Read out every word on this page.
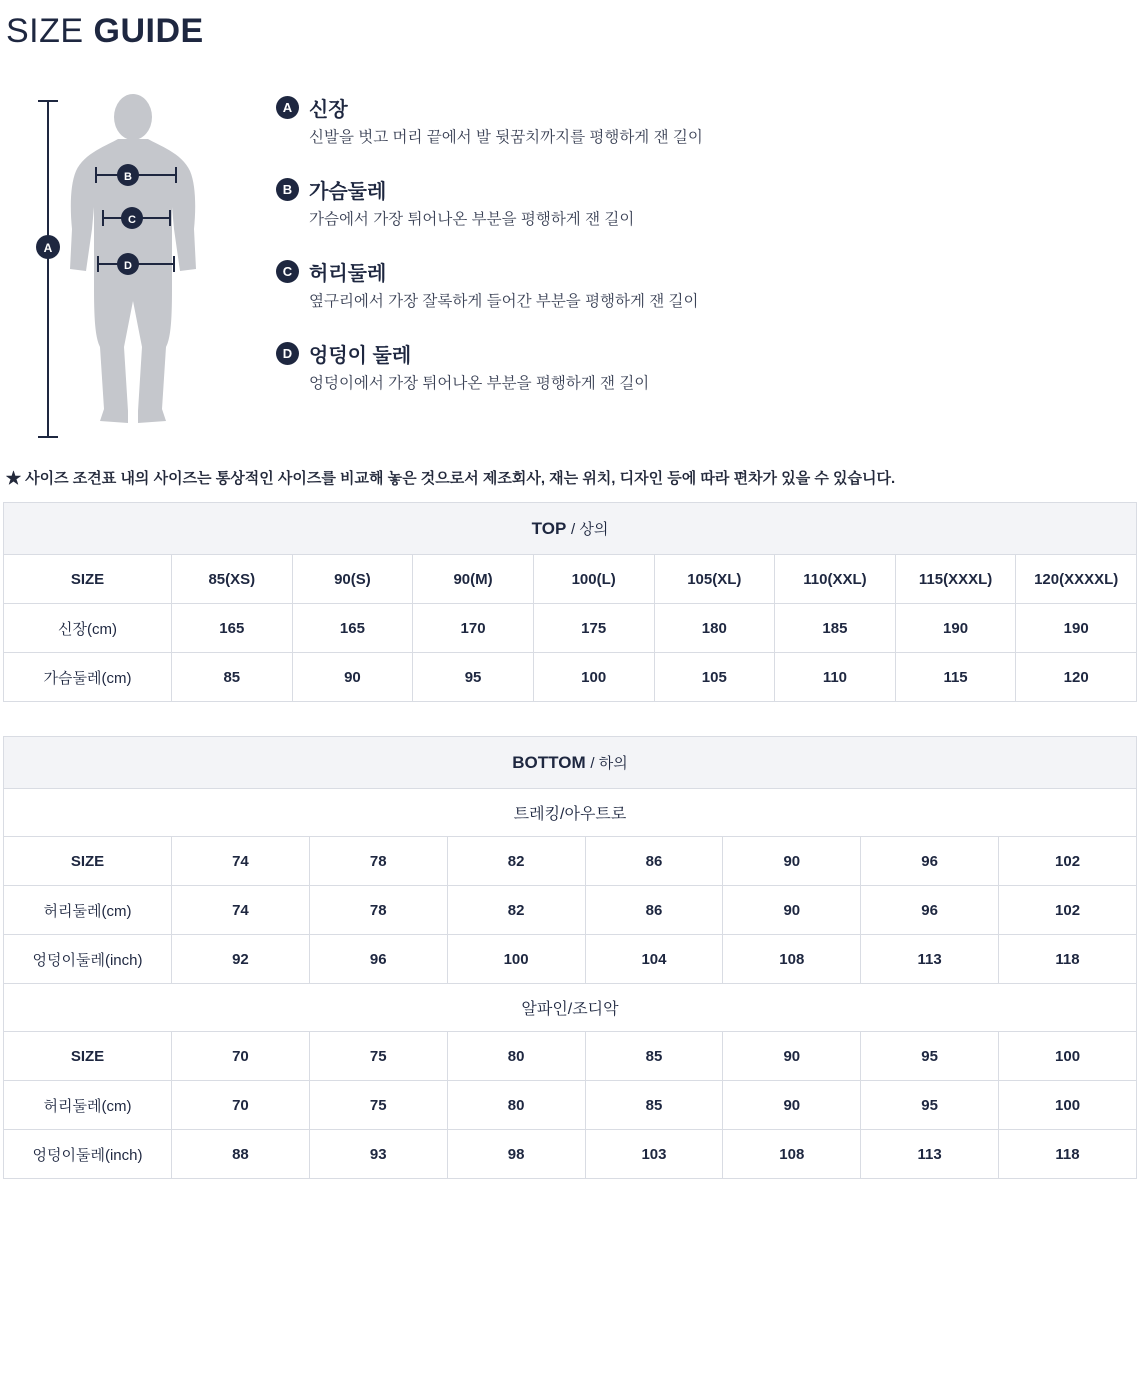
SIZE GUIDE
A
B
C
D
A 신장
신발을 벗고 머리 끝에서 발 뒷꿈치까지를 평행하게 잰 길이
B 가슴둘레
가슴에서 가장 튀어나온 부분을 평행하게 잰 길이
C 허리둘레
옆구리에서 가장 잘록하게 들어간 부분을 평행하게 잰 길이
D 엉덩이 둘레
엉덩이에서 가장 튀어나온 부분을 평행하게 잰 길이
★ 사이즈 조견표 내의 사이즈는 통상적인 사이즈를 비교해 놓은 것으로서 제조회사, 재는 위치, 디자인 등에 따라 편차가 있을 수 있습니다.
TOP / 상의								
SIZE	85(XS)	90(S)	90(M)	100(L)	105(XL)	110(XXL)	115(XXXL)	120(XXXXL)
신장(cm)	165	165	170	175	180	185	190	190
가슴둘레(cm)	85	90	95	100	105	110	115	120
BOTTOM / 하의							
트레킹/아우트로							
SIZE	74	78	82	86	90	96	102
허리둘레(cm)	74	78	82	86	90	96	102
엉덩이둘레(inch)	92	96	100	104	108	113	118
알파인/조디악							
SIZE	70	75	80	85	90	95	100
허리둘레(cm)	70	75	80	85	90	95	100
엉덩이둘레(inch)	88	93	98	103	108	113	118
